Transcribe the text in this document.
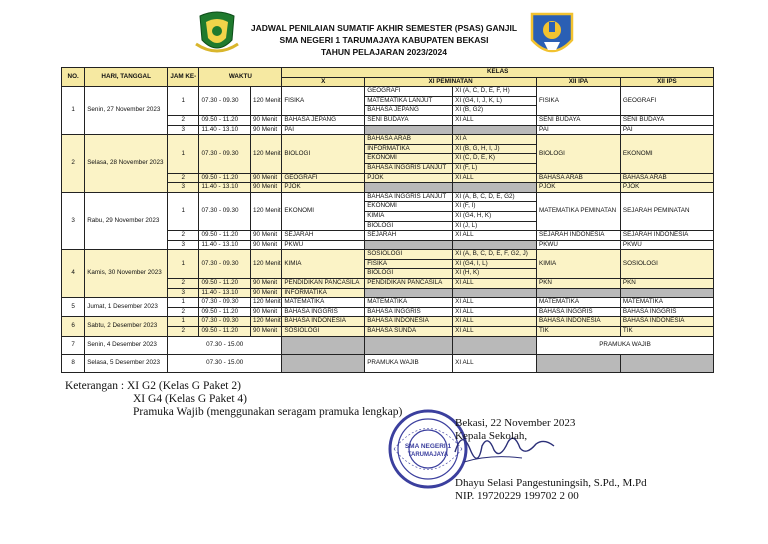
JADWAL PENILAIAN SUMATIF AKHIR SEMESTER (PSAS) GANJIL
SMA NEGERI 1 TARUMAJAYA KABUPATEN BEKASI
TAHUN PELAJARAN 2023/2024
NO.	HARI, TANGGAL	JAM KE-	WAKTU		KELAS				
					X	XI PEMINATAN		XII IPA	XII IPS
1	Senin, 27 November 2023	1	07.30 - 09.30	120 Menit	FISIKA	GEOGRAFI	XI (A, C, D, E, F, H)	FISIKA	GEOGRAFI
						MATEMATIKA LANJUT	XI (G4, I, J, K, L)		
						BAHASA JEPANG	XI (B, G2)		
		2	09.50 - 11.20	90 Menit	BAHASA JEPANG	SENI BUDAYA	XI ALL	SENI BUDAYA	SENI BUDAYA
		3	11.40 - 13.10	90 Menit	PAI			PAI	PAI
2	Selasa, 28 November 2023	1	07.30 - 09.30	120 Menit	BIOLOGI	BAHASA ARAB	XI A	BIOLOGI	EKONOMI
						INFORMATIKA	XI (B, G, H, I, J)		
						EKONOMI	XI (C, D, E, K)		
						BAHASA INGGRIS LANJUT	XI (F, L)		
		2	09.50 - 11.20	90 Menit	GEOGRAFI	PJOK	XI ALL	BAHASA ARAB	BAHASA ARAB
		3	11.40 - 13.10	90 Menit	PJOK			PJOK	PJOK
3	Rabu, 29 November 2023	1	07.30 - 09.30	120 Menit	EKONOMI	BAHASA INGGRIS LANJUT	XI (A, B, C, D, E, G2)	MATEMATIKA PEMINATAN	SEJARAH PEMINATAN
						EKONOMI	XI (F, I)		
						KIMIA	XI (G4, H, K)		
						BIOLOGI	XI (J, L)		
		2	09.50 - 11.20	90 Menit	SEJARAH	SEJARAH	XI ALL	SEJARAH INDONESIA	SEJARAH INDONESIA
		3	11.40 - 13.10	90 Menit	PKWU			PKWU	PKWU
4	Kamis, 30 November 2023	1	07.30 - 09.30	120 Menit	KIMIA	SOSIOLOGI	XI (A, B, C, D, E, F, G2, J)	KIMIA	SOSIOLOGI
						FISIKA	XI (G4, I, L)		
						BIOLOGI	XI (H, K)		
		2	09.50 - 11.20	90 Menit	PENDIDIKAN PANCASILA	PENDIDIKAN PANCASILA	XI ALL	PKN	PKN
		3	11.40 - 13.10	90 Menit	INFORMATIKA				
5	Jumat, 1 Desember 2023	1	07.30 - 09.30	120 Menit	MATEMATIKA	MATEMATIKA	XI ALL	MATEMATIKA	MATEMATIKA
		2	09.50 - 11.20	90 Menit	BAHASA INGGRIS	BAHASA INGGRIS	XI ALL	BAHASA INGGRIS	BAHASA INGGRIS
6	Sabtu, 2 Desember 2023	1	07.30 - 09.30	120 Menit	BAHASA INDONESIA	BAHASA INDONESIA	XI ALL	BAHASA INDONESIA	BAHASA INDONESIA
		2	09.50 - 11.20	90 Menit	SOSIOLOGI	BAHASA SUNDA	XI ALL	TIK	TIK
7	Senin, 4 Desember 2023	07.30 - 15.00						PRAMUKA WAJIB	
8	Selasa, 5 Desember 2023	07.30 - 15.00				PRAMUKA WAJIB	XI ALL		
Keterangan : XI G2 (Kelas G Paket 2)
XI G4 (Kelas G Paket 4)
Pramuka Wajib (menggunakan seragam pramuka lengkap)
SMA NEGERI 1
TARUMAJAYA
Bekasi, 22 November 2023
Kepala Sekolah,
Dhayu Selasi Pangestuningsih, S.Pd., M.Pd
NIP. 19720229 199702 2 00
